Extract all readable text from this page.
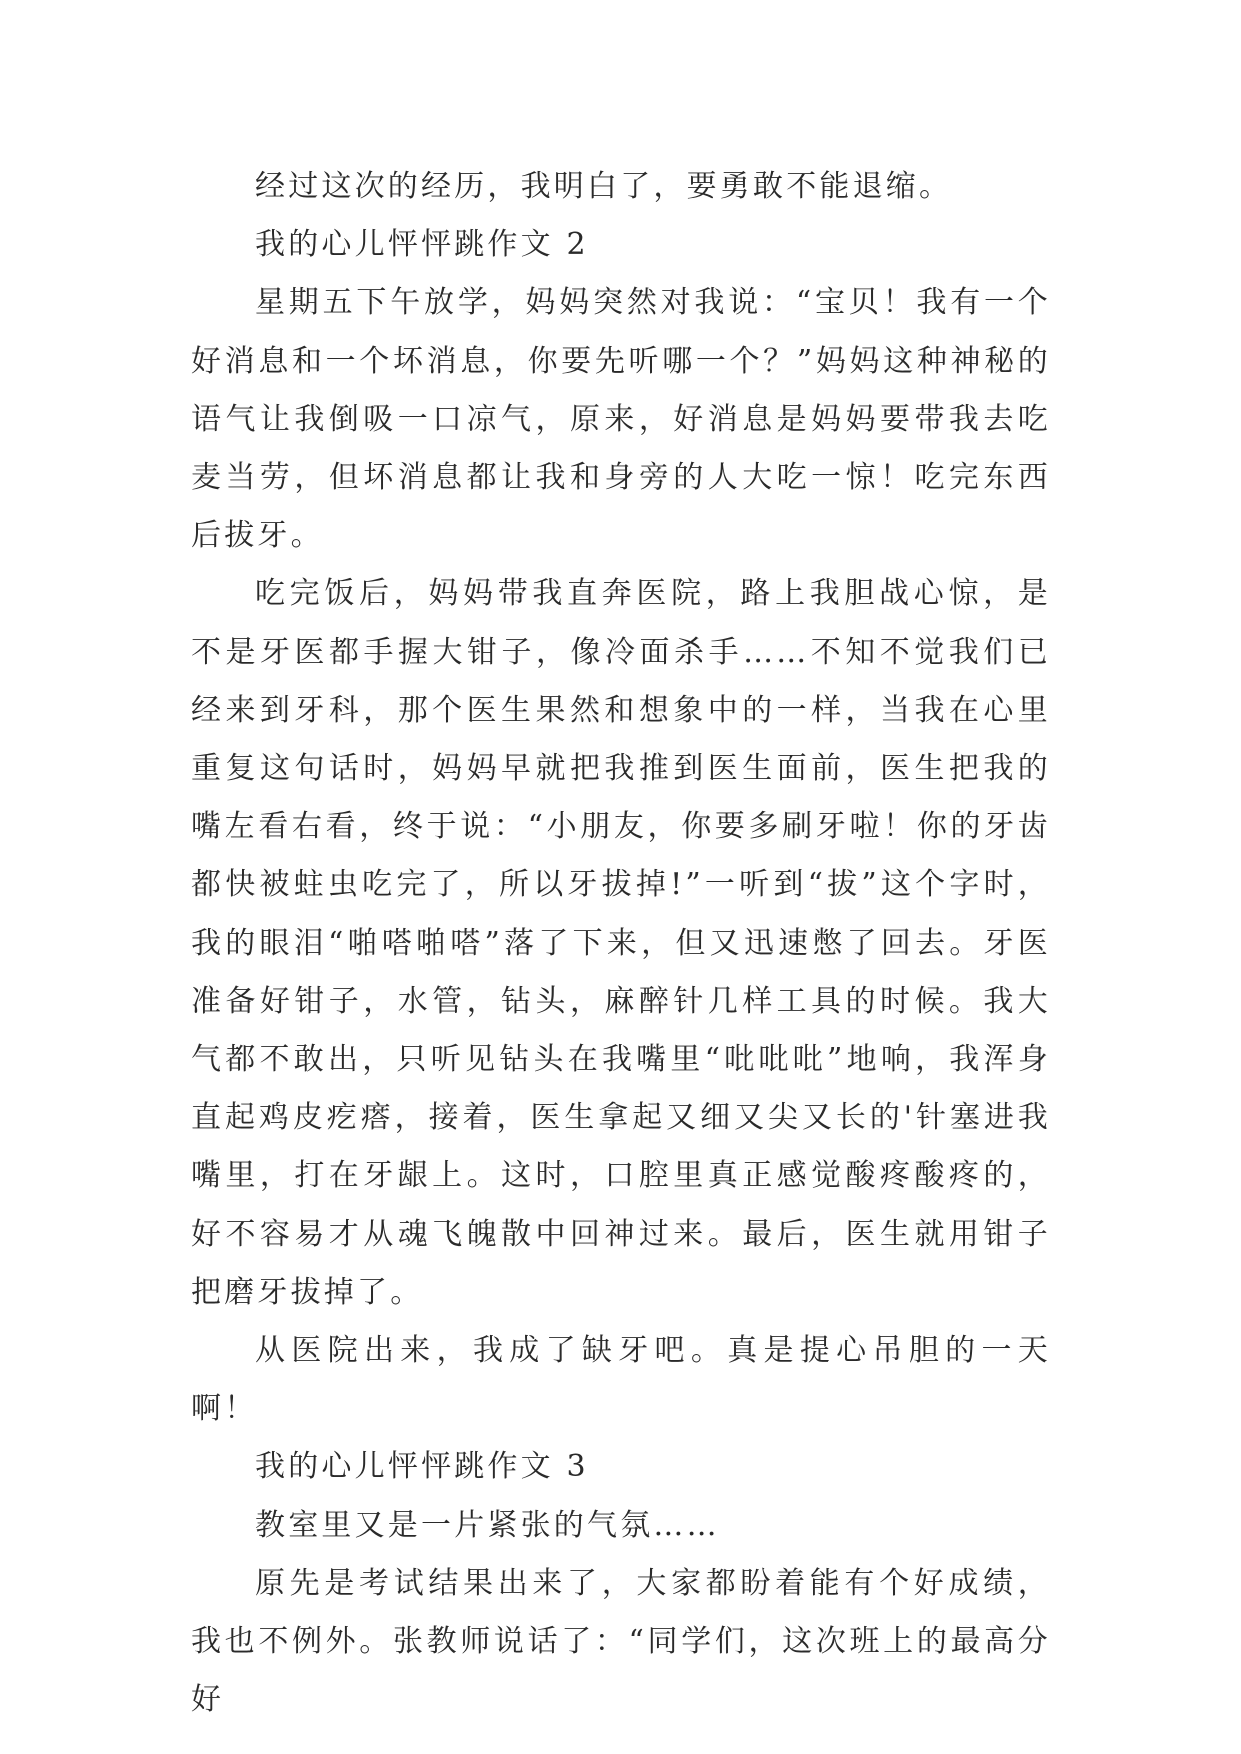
经过这次的经历，我明白了，要勇敢不能退缩。

我的心儿怦怦跳作文 2

星期五下午放学，妈妈突然对我说：“宝贝！我有一个好消息和一个坏消息，你要先听哪一个？”妈妈这种神秘的语气让我倒吸一口凉气，原来，好消息是妈妈要带我去吃麦当劳，但坏消息都让我和身旁的人大吃一惊！吃完东西后拔牙。

吃完饭后，妈妈带我直奔医院，路上我胆战心惊，是不是牙医都手握大钳子，像冷面杀手……不知不觉我们已经来到牙科，那个医生果然和想象中的一样，当我在心里重复这句话时，妈妈早就把我推到医生面前，医生把我的嘴左看右看，终于说：“小朋友，你要多刷牙啦！你的牙齿都快被蛀虫吃完了，所以牙拔掉!”一听到“拔”这个字时，我的眼泪“啪嗒啪嗒”落了下来，但又迅速憋了回去。牙医准备好钳子，水管，钻头，麻醉针几样工具的时候。我大气都不敢出，只听见钻头在我嘴里“吡吡吡”地响，我浑身直起鸡皮疙瘩，接着，医生拿起又细又尖又长的'针塞进我嘴里，打在牙龈上。这时，口腔里真正感觉酸疼酸疼的，好不容易才从魂飞魄散中回神过来。最后，医生就用钳子把磨牙拔掉了。

从医院出来，我成了缺牙吧。真是提心吊胆的一天啊！

我的心儿怦怦跳作文 3

教室里又是一片紧张的气氛……

原先是考试结果出来了，大家都盼着能有个好成绩，我也不例外。张教师说话了：“同学们，这次班上的最高分好
